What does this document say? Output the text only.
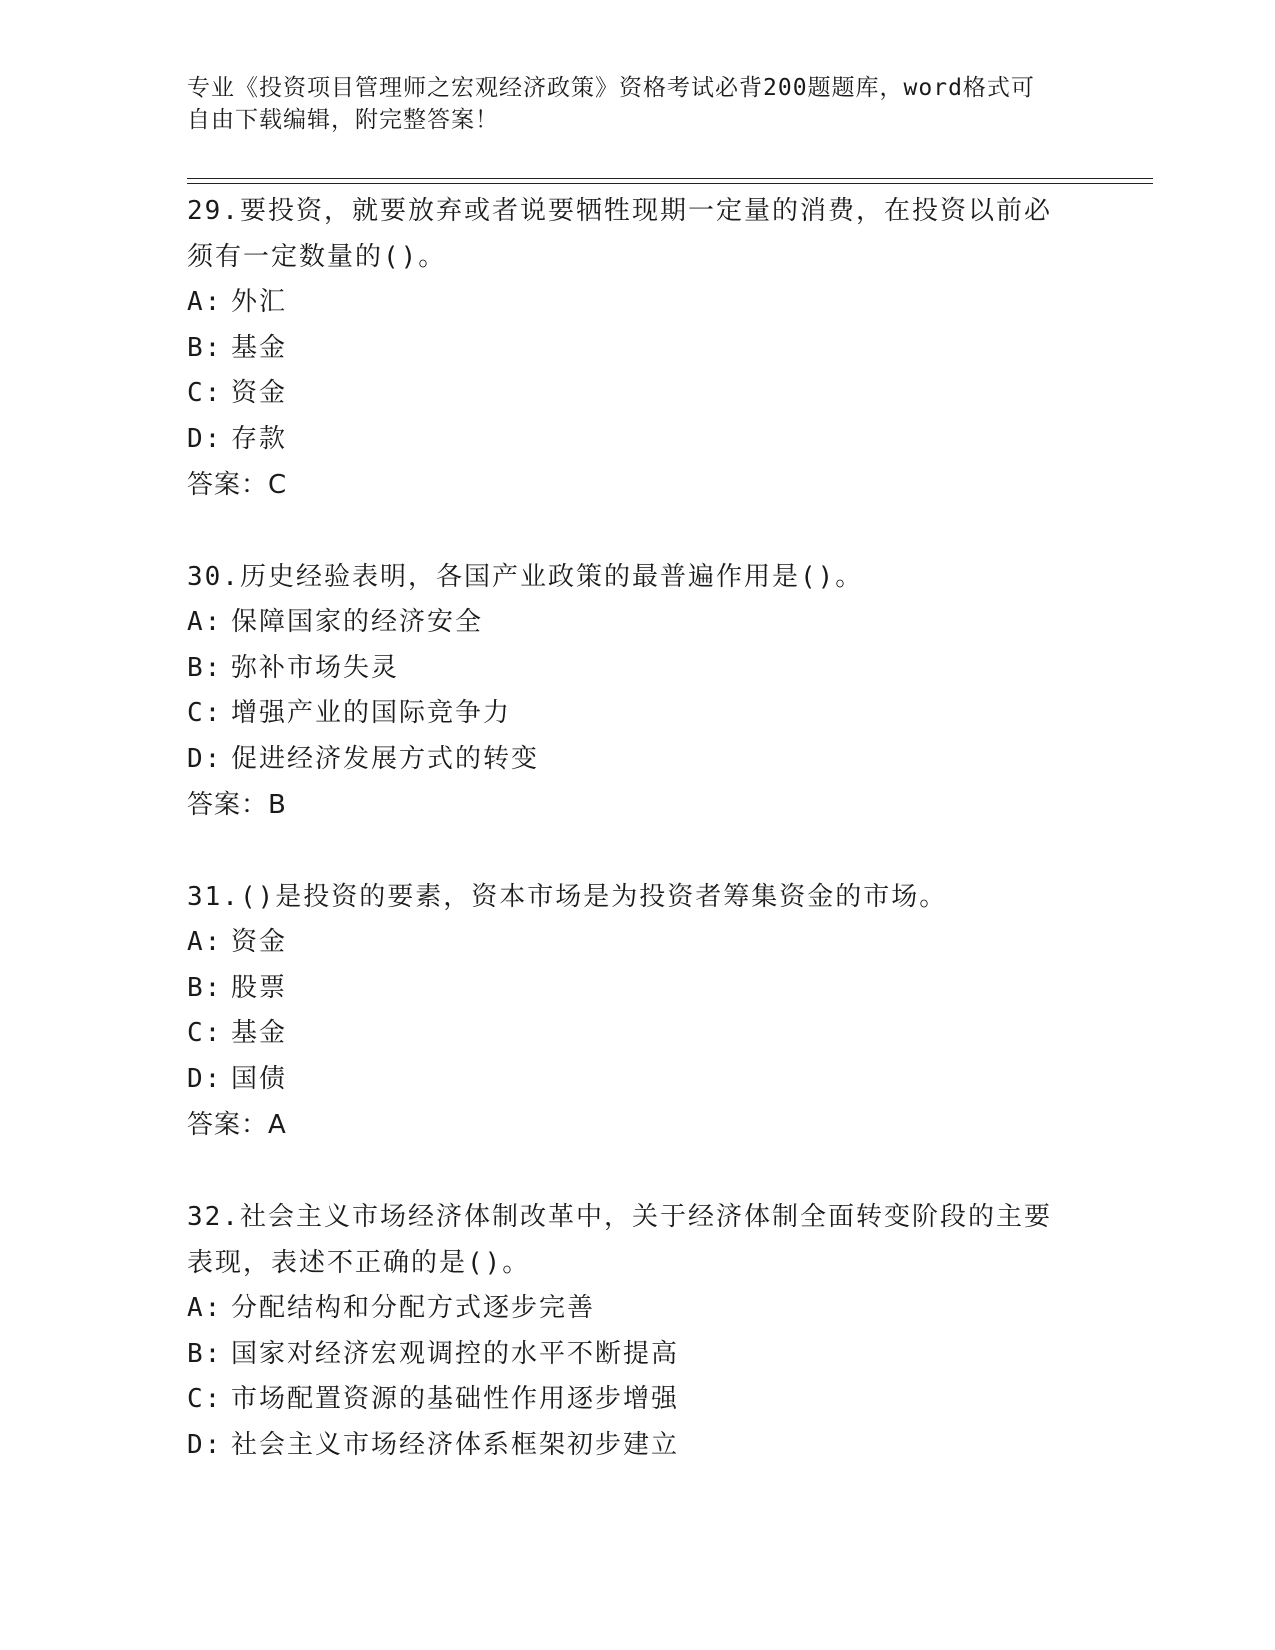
专业《投资项目管理师之宏观经济政策》资格考试必背200题题库，word格式可
自由下载编辑，附完整答案！

29.要投资，就要放弃或者说要牺牲现期一定量的消费，在投资以前必
须有一定数量的()。

A: 外汇

B: 基金

C: 资金

D: 存款

答案：C

30.历史经验表明，各国产业政策的最普遍作用是()。

A: 保障国家的经济安全

B: 弥补市场失灵

C: 增强产业的国际竞争力

D: 促进经济发展方式的转变

答案：B

31.()是投资的要素，资本市场是为投资者筹集资金的市场。

A: 资金

B: 股票

C: 基金

D: 国债

答案：A

32.社会主义市场经济体制改革中，关于经济体制全面转变阶段的主要
表现，表述不正确的是()。

A: 分配结构和分配方式逐步完善

B: 国家对经济宏观调控的水平不断提高

C: 市场配置资源的基础性作用逐步增强

D: 社会主义市场经济体系框架初步建立
